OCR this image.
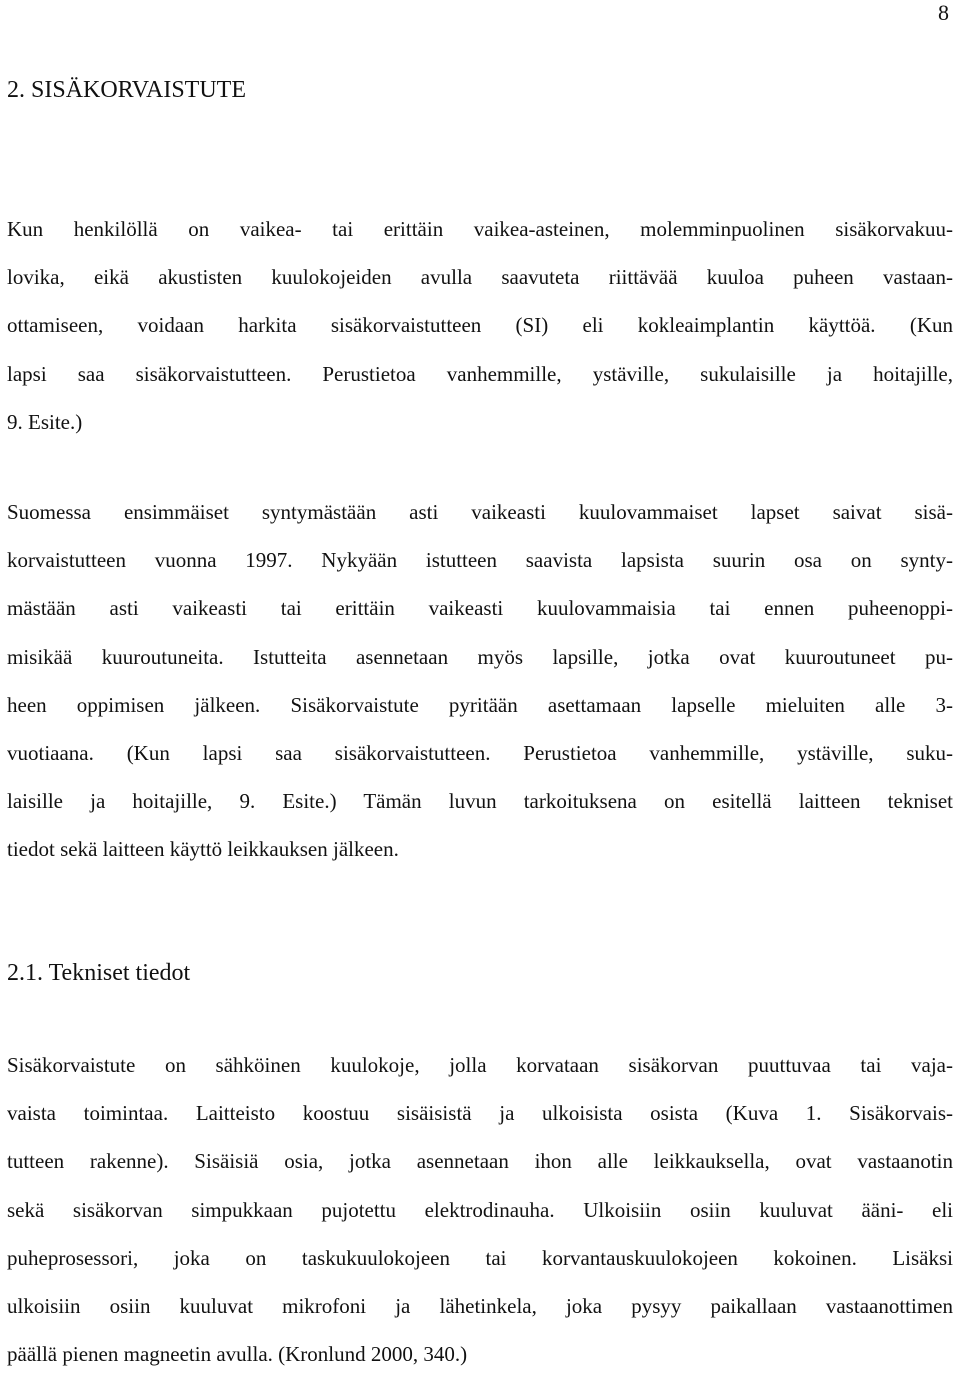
8
2. SISÄKORVAISTUTE

Kun henkilöllä on vaikea- tai erittäin vaikea-asteinen, molemminpuolinen sisäkorvakuu-
lovika, eikä akustisten kuulokojeiden avulla saavuteta riittävää kuuloa puheen vastaan-
ottamiseen, voidaan harkita sisäkorvaistutteen (SI) eli kokleaimplantin käyttöä. (Kun
lapsi saa sisäkorvaistutteen. Perustietoa vanhemmille, ystäville, sukulaisille ja hoitajille,
9. Esite.)

Suomessa ensimmäiset syntymästään asti vaikeasti kuulovammaiset lapset saivat sisä-
korvaistutteen vuonna 1997. Nykyään istutteen saavista lapsista suurin osa on synty-
mästään asti vaikeasti tai erittäin vaikeasti kuulovammaisia tai ennen puheenoppi-
misikää kuuroutuneita. Istutteita asennetaan myös lapsille, jotka ovat kuuroutuneet pu-
heen oppimisen jälkeen. Sisäkorvaistute pyritään asettamaan lapselle mieluiten alle 3-
vuotiaana. (Kun lapsi saa sisäkorvaistutteen. Perustietoa vanhemmille, ystäville, suku-
laisille ja hoitajille, 9. Esite.) Tämän luvun tarkoituksena on esitellä laitteen tekniset
tiedot sekä laitteen käyttö leikkauksen jälkeen.

2.1. Tekniset tiedot

Sisäkorvaistute on sähköinen kuulokoje, jolla korvataan sisäkorvan puuttuvaa tai vaja-
vaista toimintaa. Laitteisto koostuu sisäisistä ja ulkoisista osista (Kuva 1. Sisäkorvais-
tutteen rakenne). Sisäisiä osia, jotka asennetaan ihon alle leikkauksella, ovat vastaanotin
sekä sisäkorvan simpukkaan pujotettu elektrodinauha. Ulkoisiin osiin kuuluvat ääni- eli
puheprosessori, joka on taskukuulokojeen tai korvantauskuulokojeen kokoinen. Lisäksi
ulkoisiin osiin kuuluvat mikrofoni ja lähetinkela, joka pysyy paikallaan vastaanottimen
päällä pienen magneetin avulla. (Kronlund 2000, 340.)
